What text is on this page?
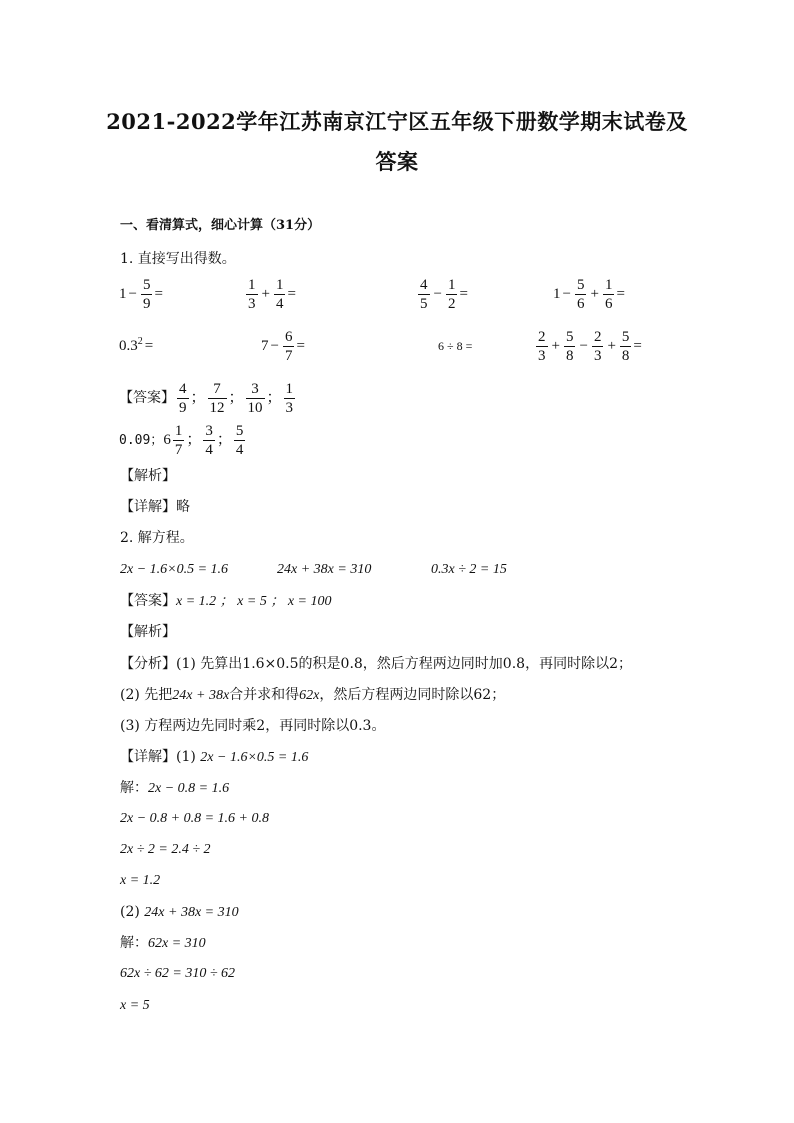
2021-2022学年江苏南京江宁区五年级下册数学期末试卷及
答案
一、看清算式，细心计算（31分）
1. 直接写出得数。
$1 - \frac{5}{9}$ =	$\frac{1}{3} + \frac{1}{4}$ =	$\frac{4}{5} - \frac{1}{2}$ =	$1 - \frac{5}{6} + \frac{1}{6}$ =
$0.3^2$ =	$7 - \frac{6}{7}$ =	6 ÷ 8 =	$\frac{2}{3} + \frac{5}{8} - \frac{2}{3} + \frac{5}{8}$ =
【答案】 $\frac{4}{9}$ ； $\frac{7}{12}$ ； $\frac{3}{10}$ ； $\frac{1}{3}$
0.09；$6 \frac{1}{7}$ ； $\frac{3}{4}$ ； $\frac{5}{4}$
【解析】
【详解】略
2. 解方程。
2x − 1.6×0.5 = 1.6	24x + 38x = 310	0.3x ÷ 2 = 15
【答案】x = 1.2 ； x = 5 ； x = 100
【解析】
【分析】(1) 先算出1.6×0.5的积是0.8，然后方程两边同时加0.8，再同时除以2；
(2) 先把24x + 38x合并求和得62x，然后方程两边同时除以62；
(3) 方程两边先同时乘2，再同时除以0.3。
【详解】(1) 2x − 1.6×0.5 = 1.6
解：2x − 0.8 = 1.6
2x − 0.8 + 0.8 = 1.6 + 0.8
2x ÷ 2 = 2.4 ÷ 2
x = 1.2
(2) 24x + 38x = 310
解：62x = 310
62x ÷ 62 = 310 ÷ 62
x = 5
